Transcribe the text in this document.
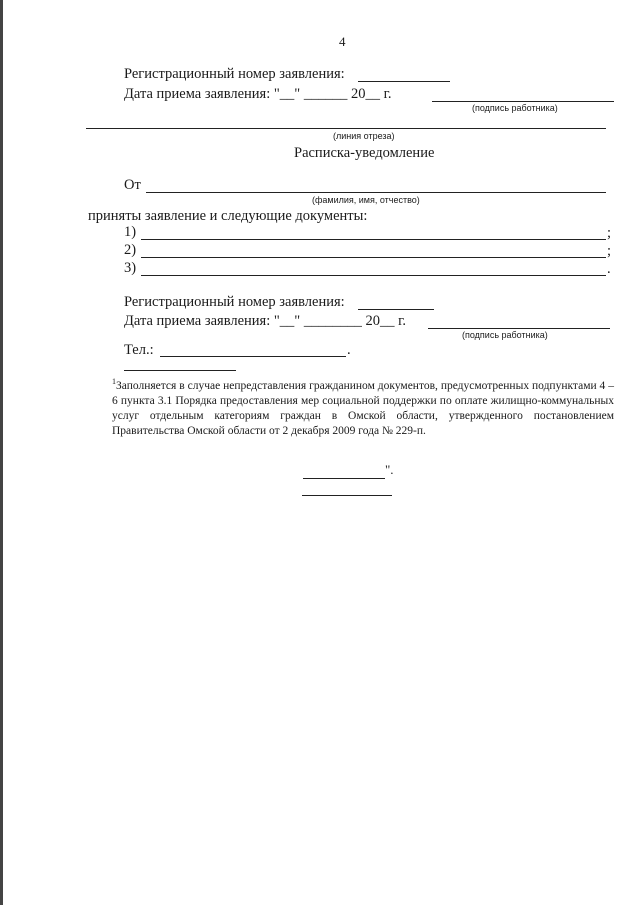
4
Регистрационный номер заявления:
Дата приема заявления: "__" ______ 20__ г.
(подпись работника)
(линия отреза)
Расписка-уведомление
От
(фамилия, имя, отчество)
приняты заявление и следующие документы:
1)	;
2)	;
3)	.
Регистрационный номер заявления:
Дата приема заявления: "__" ________ 20__ г.
(подпись работника)
Тел.:	.
$^1$Заполняется в случае непредставления гражданином документов, предусмотренных подпунктами 4 – 6 пункта 3.1 Порядка предоставления мер социальной поддержки по оплате жилищно-коммунальных услуг отдельным категориям граждан в Омской области, утвержденного постановлением Правительства Омской области от 2 декабря 2009 года № 229-п.
".
